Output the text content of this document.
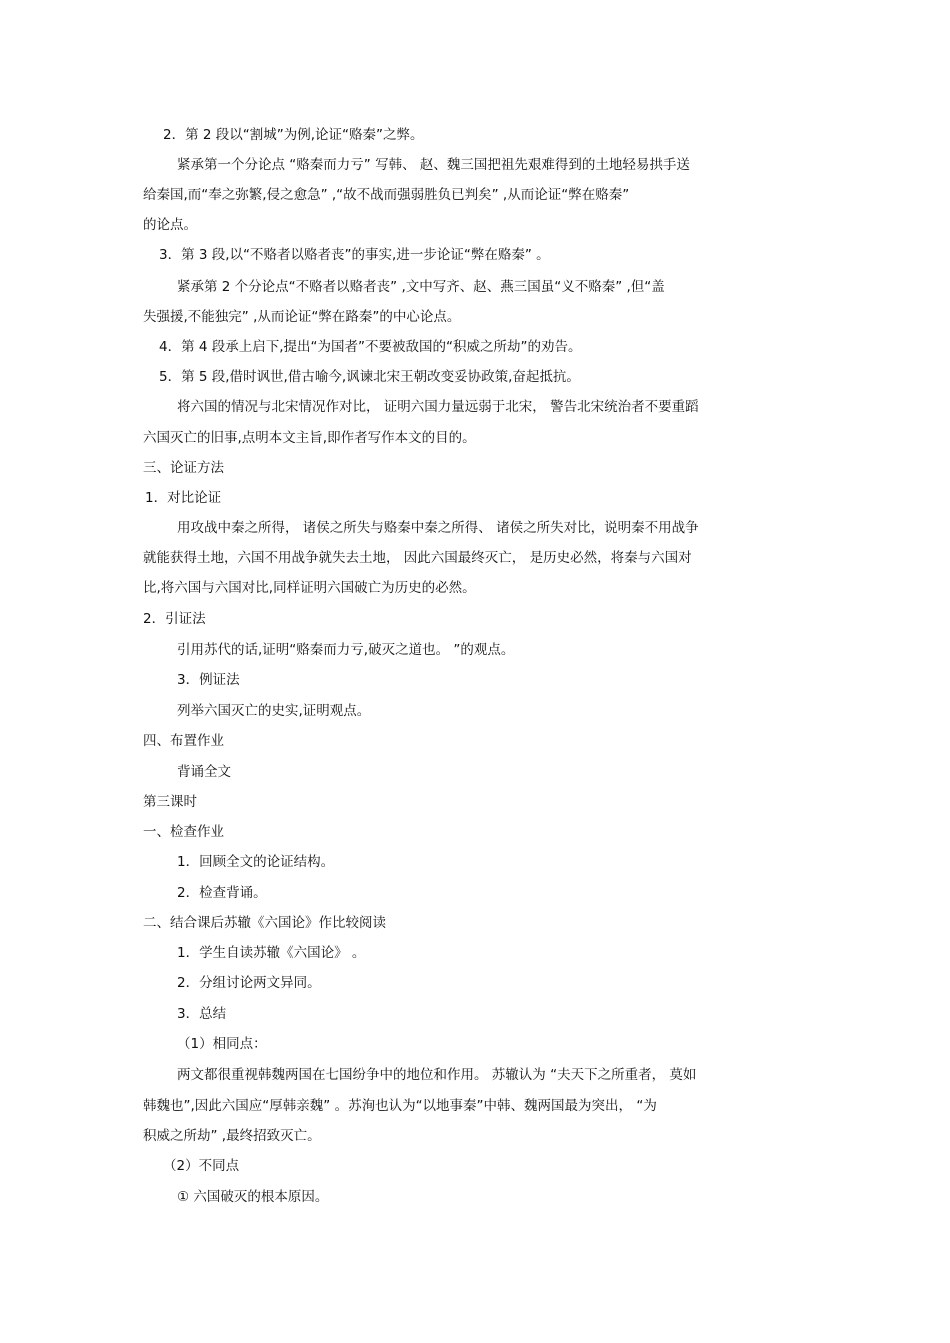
2．第 2 段以“割城”为例,论证“赂秦”之弊。
紧承第一个分论点 “赂秦而力亏” 写韩、 赵、魏三国把祖先艰难得到的土地轻易拱手送
给秦国,而“奉之弥繁,侵之愈急” ,“故不战而强弱胜负已判矣” ,从而论证“弊在赂秦”
的论点。
3．第 3 段,以“不赂者以赂者丧”的事实,进一步论证“弊在赂秦” 。
紧承第 2 个分论点“不赂者以赂者丧” ,文中写齐、赵、燕三国虽“义不赂秦” ,但“盖
失强援,不能独完” ,从而论证“弊在路秦”的中心论点。
4．第 4 段承上启下,提出“为国者”不要被敌国的“积威之所劫”的劝告。
5．第 5 段,借时讽世,借古喻今,讽谏北宋王朝改变妥协政策,奋起抵抗。
将六国的情况与北宋情况作对比， 证明六国力量远弱于北宋， 警告北宋统治者不要重蹈
六国灭亡的旧事,点明本文主旨,即作者写作本文的目的。
三、论证方法
1．对比论证
用攻战中秦之所得， 诸侯之所失与赂秦中秦之所得、 诸侯之所失对比，说明秦不用战争
就能获得土地，六国不用战争就失去土地， 因此六国最终灭亡， 是历史必然，将秦与六国对
比,将六国与六国对比,同样证明六国破亡为历史的必然。
2．引证法
引用苏代的话,证明“赂秦而力亏,破灭之道也。 ”的观点。
3．例证法
列举六国灭亡的史实,证明观点。
四、布置作业
背诵全文
第三课时
一、检查作业
1．回顾全文的论证结构。
2．检查背诵。
二、结合课后苏辙《六国论》作比较阅读
1．学生自读苏辙《六国论》 。
2．分组讨论两文异同。
3．总结
（1）相同点：
两文都很重视韩魏两国在七国纷争中的地位和作用。 苏辙认为 “夫天下之所重者， 莫如
韩魏也”,因此六国应“厚韩亲魏” 。苏洵也认为“以地事秦”中韩、魏两国最为突出， “为
积威之所劫” ,最终招致灭亡。
（2）不同点
① 六国破灭的根本原因。
